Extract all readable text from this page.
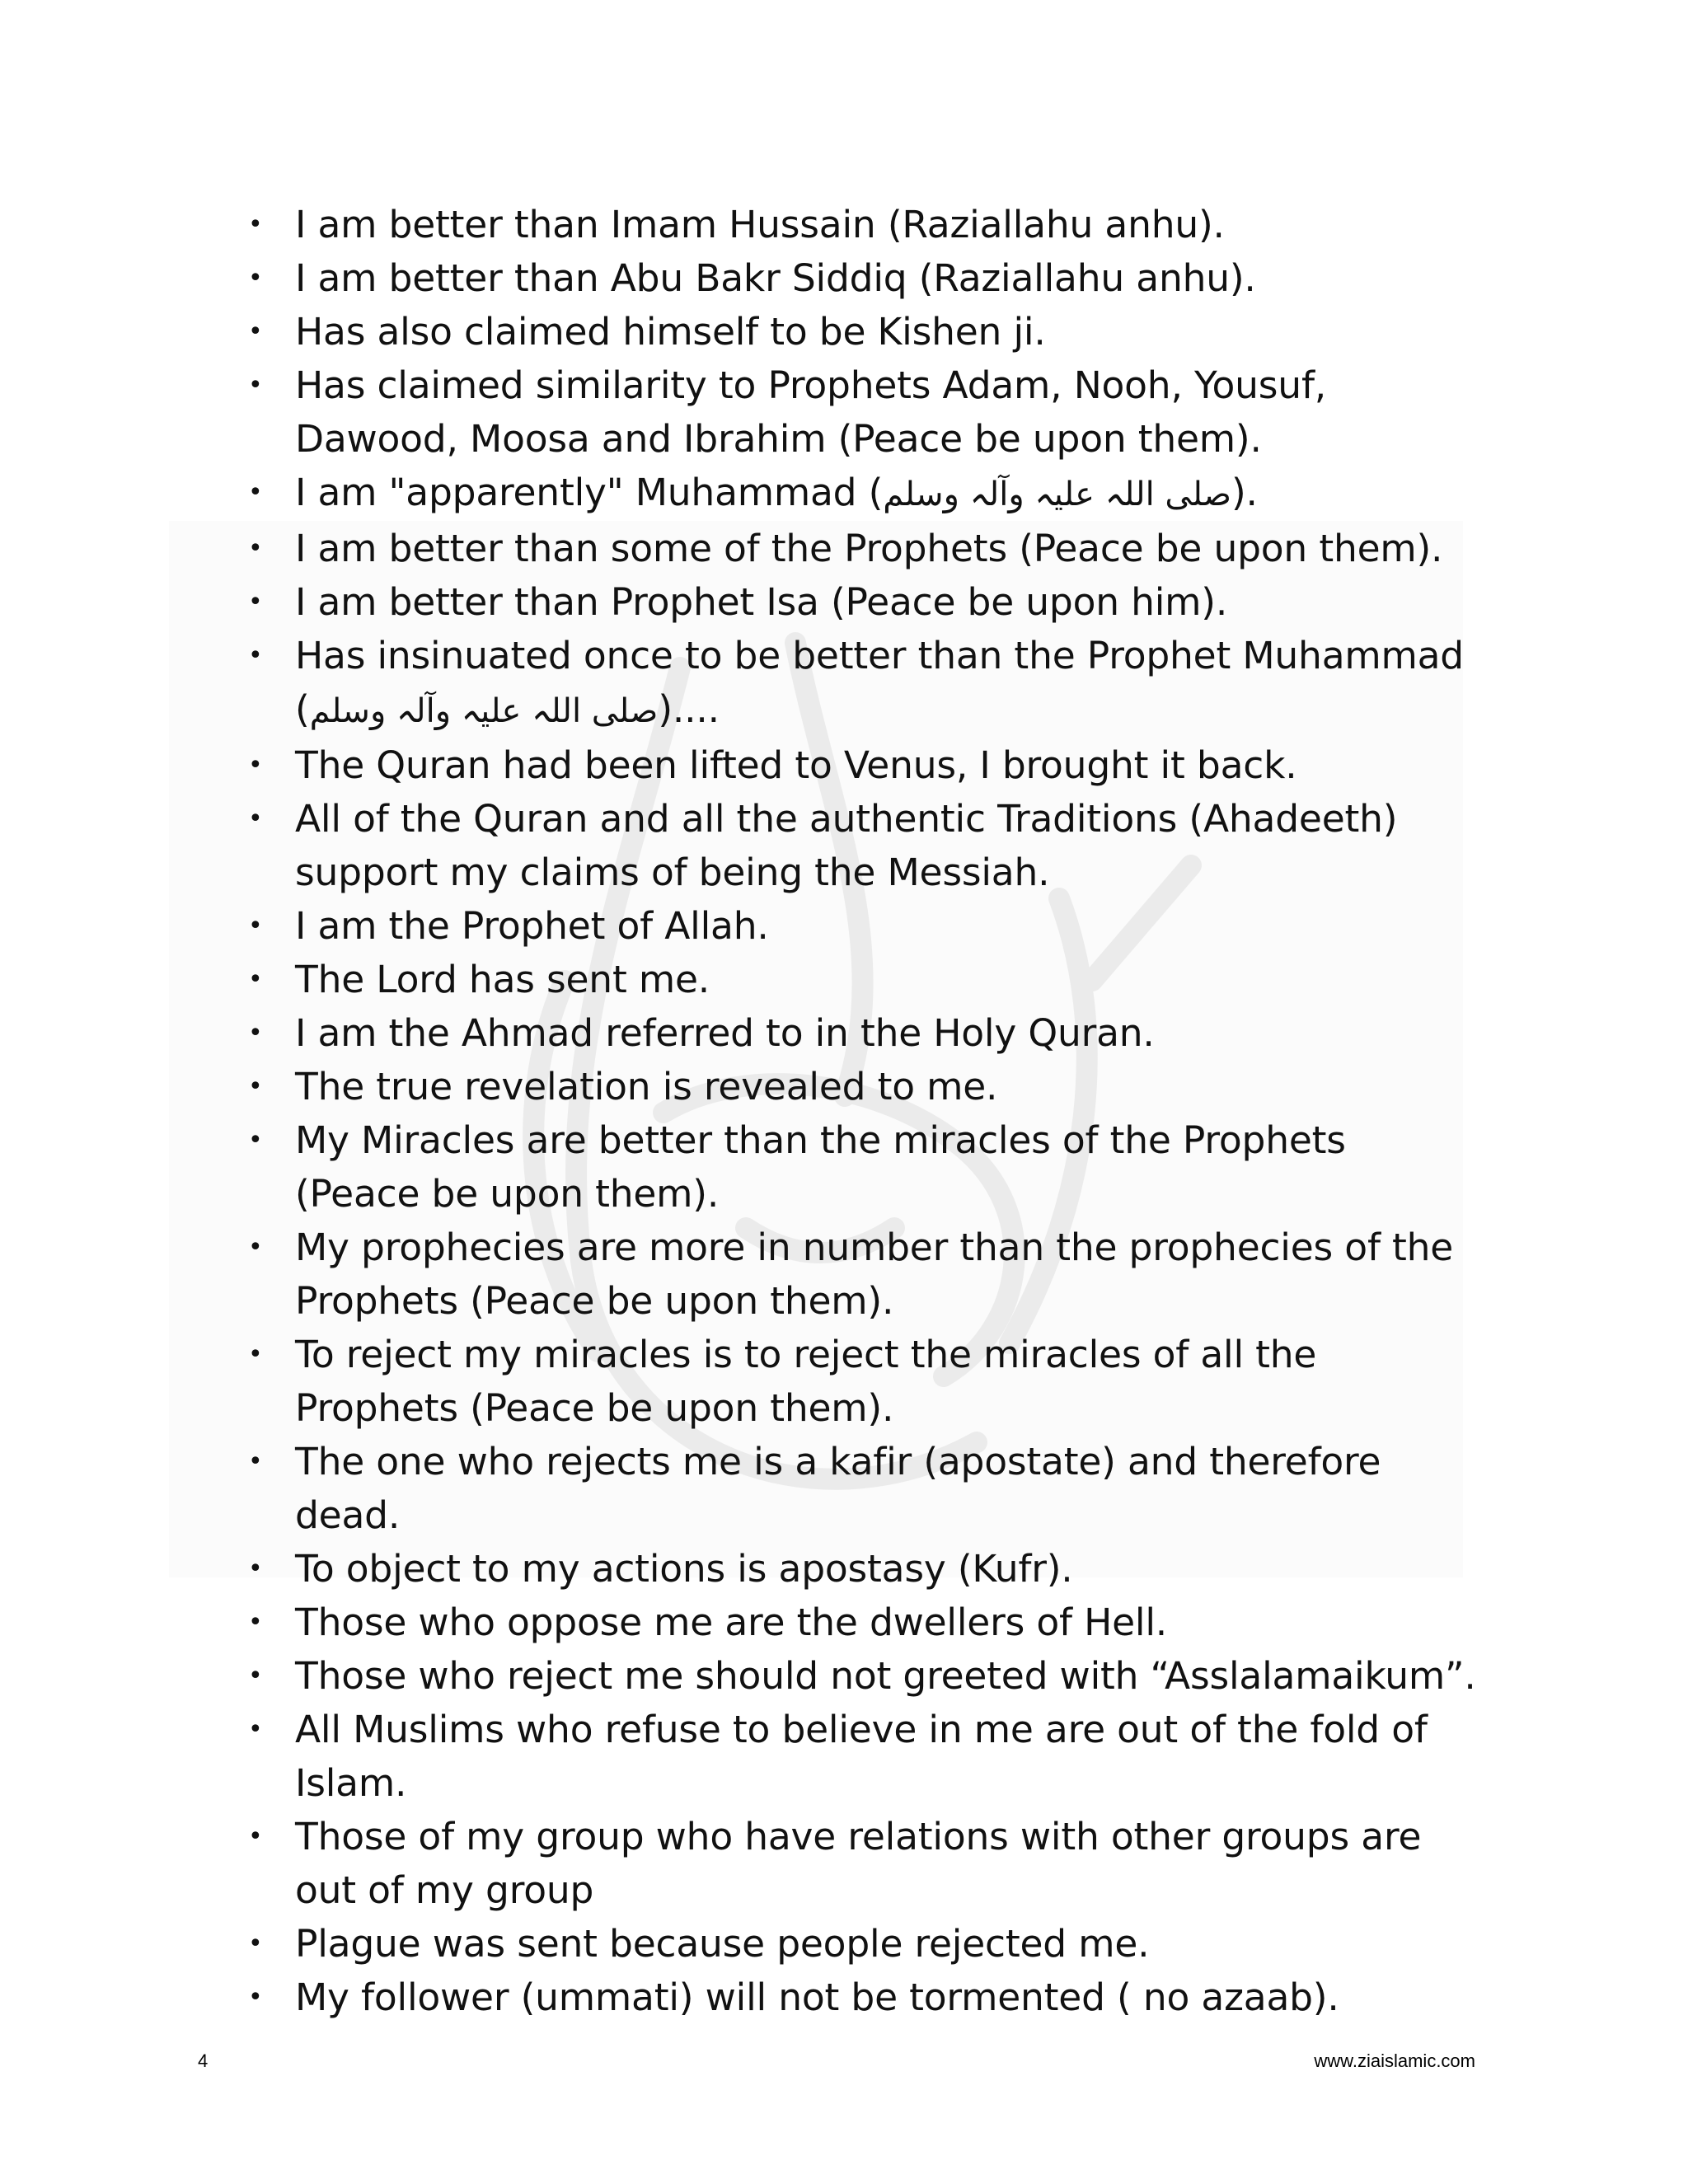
• I am better than Imam Hussain (Raziallahu anhu).
• I am better than Abu Bakr Siddiq (Raziallahu anhu).
• Has also claimed himself to be Kishen ji.
• Has claimed similarity to Prophets Adam, Nooh, Yousuf, Dawood, Moosa and Ibrahim (Peace be upon them).
• I am "apparently" Muhammad (صلی اللہ علیہ وآلہ وسلم).
• I am better than some of the Prophets (Peace be upon them).
• I am better than Prophet Isa (Peace be upon him).
• Has insinuated once to be better than the Prophet Muhammad (صلی اللہ علیہ وآلہ وسلم)....
• The Quran had been lifted to Venus, I brought it back.
• All of the Quran and all the authentic Traditions (Ahadeeth) support my claims of being the Messiah.
• I am the Prophet of Allah.
• The Lord has sent me.
• I am the Ahmad referred to in the Holy Quran.
• The true revelation is revealed to me.
• My Miracles are better than the miracles of the Prophets (Peace be upon them).
• My prophecies are more in number than the prophecies of the Prophets (Peace be upon them).
• To reject my miracles is to reject the miracles of all the Prophets (Peace be upon them).
• The one who rejects me is a kafir (apostate) and therefore dead.
• To object to my actions is apostasy (Kufr).
• Those who oppose me are the dwellers of Hell.
• Those who reject me should not greeted with “Asslalamaikum”.
• All Muslims who refuse to believe in me are out of the fold of Islam.
• Those of my group who have relations with other groups are out of my group
• Plague was sent because people rejected me.
• My follower (ummati) will not be tormented ( no azaab).
4	www.ziaislamic.com
